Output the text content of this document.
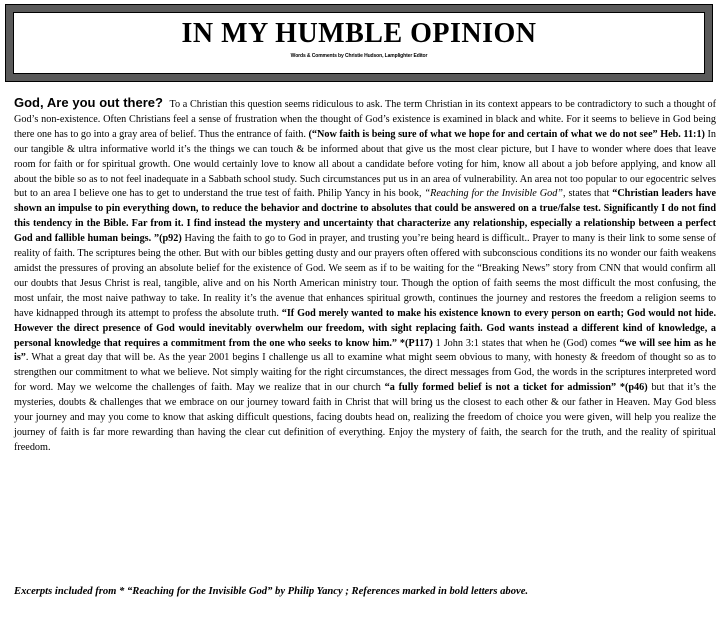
IN MY HUMBLE OPINION
Words & Comments by Christie Hudson, Lamplighter Editor

God, Are you out there? To a Christian this question seems ridiculous to ask. The term Christian in its context appears to be contradictory to such a thought of God’s non-existence. Often Christians feel a sense of frustration when the thought of God’s existence is examined in black and white. For it seems to believe in God being there one has to go into a gray area of belief. Thus the entrance of faith. (“Now faith is being sure of what we hope for and certain of what we do not see” Heb. 11:1) In our tangible & ultra informative world it’s the things we can touch & be informed about that give us the most clear picture, but I have to wonder where does that leave room for faith or for spiritual growth. One would certainly love to know all about a candidate before voting for him, know all about a job before applying, and know all about the bible so as to not feel inadequate in a Sabbath school study. Such circumstances put us in an area of vulnerability. An area not too popular to our egocentric selves but to an area I believe one has to get to understand the true test of faith. Philip Yancy in his book, “Reaching for the Invisible God”, states that “Christian leaders have shown an impulse to pin everything down, to reduce the behavior and doctrine to absolutes that could be answered on a true/false test. Significantly I do not find this tendency in the Bible. Far from it. I find instead the mystery and uncertainty that characterize any relationship, especially a relationship between a perfect God and fallible human beings. ”(p92) Having the faith to go to God in prayer, and trusting you’re being heard is difficult.. Prayer to many is their link to some sense of reality of faith. The scriptures being the other. But with our bibles getting dusty and our prayers often offered with subconscious conditions its no wonder our faith weakens amidst the pressures of proving an absolute belief for the existence of God. We seem as if to be waiting for the “Breaking News” story from CNN that would confirm all our doubts that Jesus Christ is real, tangible, alive and on his North American ministry tour. Though the option of faith seems the most difficult the most confusing, the most unfair, the most naive pathway to take. In reality it’s the avenue that enhances spiritual growth, continues the journey and restores the freedom a religion seems to have kidnapped through its attempt to profess the absolute truth. “If God merely wanted to make his existence known to every person on earth; God would not hide. However the direct presence of God would inevitably overwhelm our freedom, with sight replacing faith. God wants instead a different kind of knowledge, a personal knowledge that requires a commitment from the one who seeks to know him.” *(P117) 1 John 3:1 states that when he (God) comes “we will see him as he is”. What a great day that will be. As the year 2001 begins I challenge us all to examine what might seem obvious to many, with honesty & freedom of thought so as to strengthen our commitment to what we believe. Not simply waiting for the right circumstances, the direct messages from God, the words in the scriptures interpreted word for word. May we welcome the challenges of faith. May we realize that in our church “a fully formed belief is not a ticket for admission” *(p46) but that it’s the mysteries, doubts & challenges that we embrace on our journey toward faith in Christ that will bring us the closest to each other & our father in Heaven. May God bless your journey and may you come to know that asking difficult questions, facing doubts head on, realizing the freedom of choice you were given, will help you realize the journey of faith is far more rewarding than having the clear cut definition of everything. Enjoy the mystery of faith, the search for the truth, and the reality of spiritual freedom.

Excerpts included from * “Reaching for the Invisible God” by Philip Yancy ; References marked in bold letters above.
